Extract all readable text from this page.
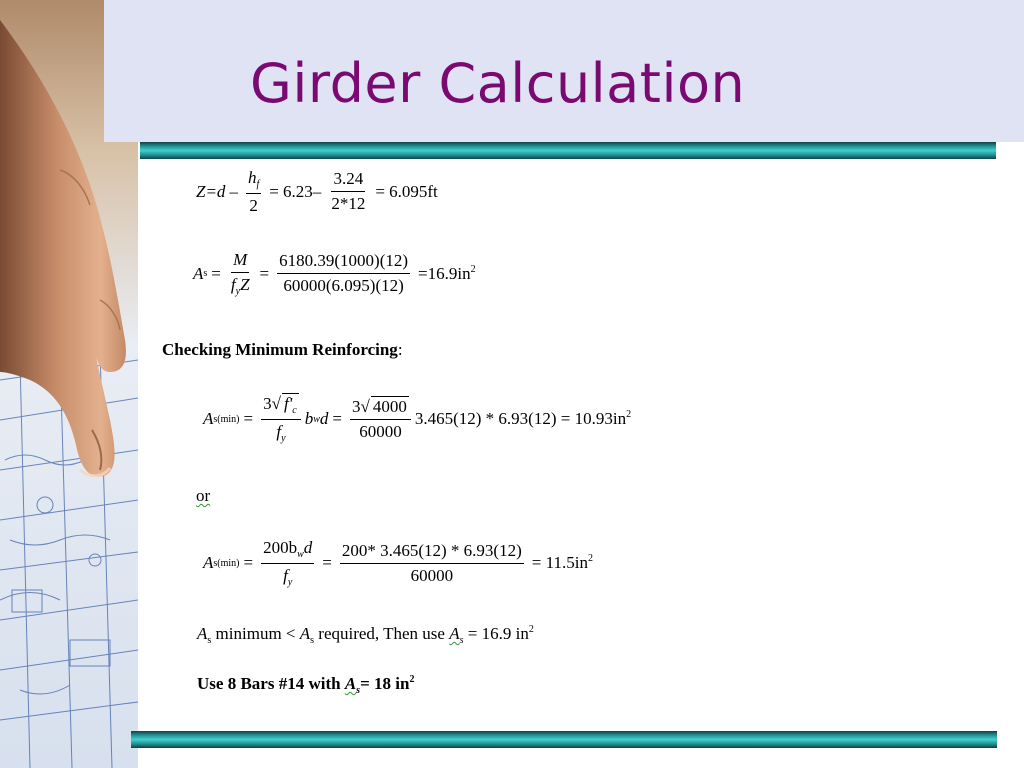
Girder Calculation
$Z=d - \frac{h_f}{2} = 6.23- \frac{3.24}{2*12} = 6.095ft$
A $s = \frac{M}{f_yZ} = \frac{6180.39(1000)(12)}{60000(6.095)(12)} =16.9in^2$
Checking Minimum Reinforcing:
A $s(\min) = \frac{3√ f'_c}{f_y}$ b w $d = \frac{3√ 4000}{60000} 3.465(12) * 6.93(12) = 10.93in^2$
or
A $s(\min) = \frac{200b_wd}{f_y} = \frac{200* 3.465(12) * 6.93(12)}{60000} = 11.5in^2$
$A_s$ minimum < $A_s$ required, Then use $A_s = 16.9$ $in^2$
Use 8 Bars #14 with $A_s= 18$ $in^2$
